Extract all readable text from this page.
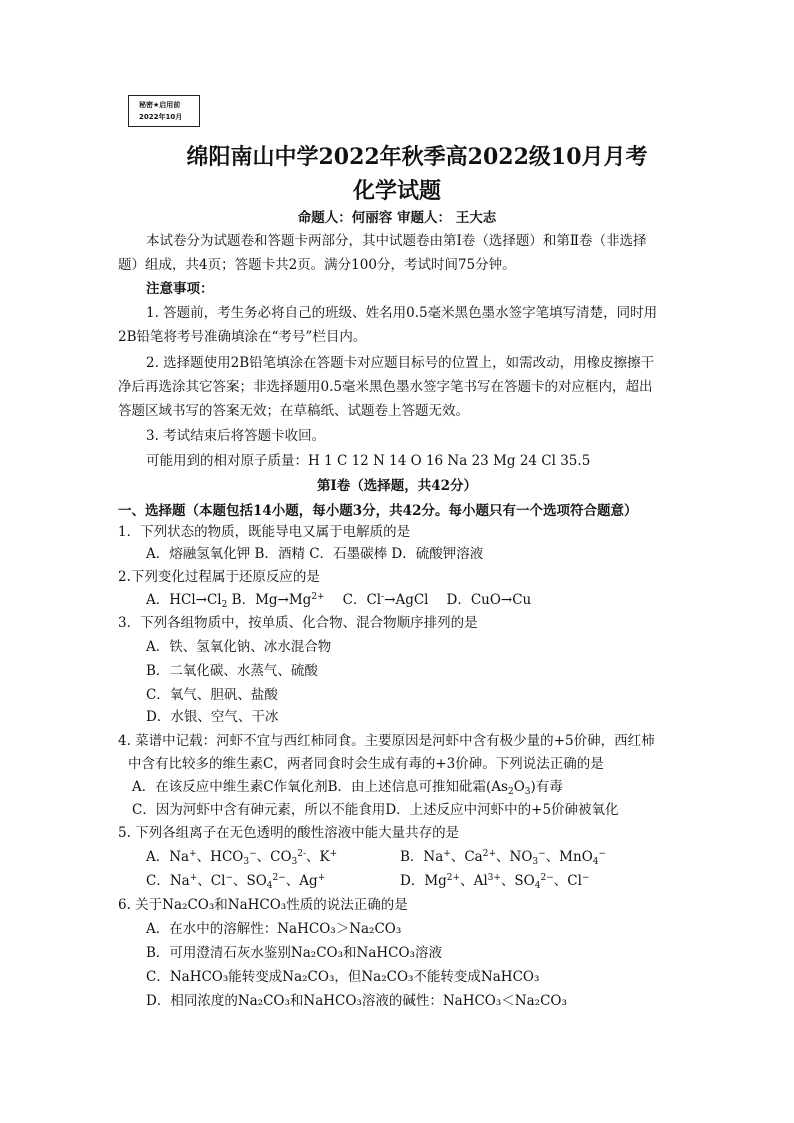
秘密★启用前
2022年10月
绵阳南山中学2022年秋季高2022级10月月考
化学试题
命题人：何丽容 审题人： 王大志
本试卷分为试题卷和答题卡两部分，其中试题卷由第Ⅰ卷（选择题）和第Ⅱ卷（非选择
题）组成，共4页；答题卡共2页。满分100分，考试时间75分钟。
注意事项：
1. 答题前，考生务必将自己的班级、姓名用0.5毫米黑色墨水签字笔填写清楚，同时用
2B铅笔将考号准确填涂在“考号”栏目内。
2. 选择题使用2B铅笔填涂在答题卡对应题目标号的位置上，如需改动，用橡皮擦擦干
净后再选涂其它答案；非选择题用0.5毫米黑色墨水签字笔书写在答题卡的对应框内，超出
答题区域书写的答案无效；在草稿纸、试题卷上答题无效。
3. 考试结束后将答题卡收回。
可能用到的相对原子质量：H 1 C 12 N 14 O 16 Na 23 Mg 24 Cl 35.5
第Ⅰ卷（选择题，共42分）
一、选择题（本题包括14小题，每小题3分，共42分。每小题只有一个选项符合题意）
1．下列状态的物质，既能导电又属于电解质的是
A．熔融氢氧化钾 B．酒精 C．石墨碳棒 D．硫酸钾溶液
2.下列变化过程属于还原反应的是
A．$HCl\to Cl_2$ B．$Mg\to Mg^{2+}$ C．Cl-→AgCl D．CuO→Cu
3．下列各组物质中，按单质、化合物、混合物顺序排列的是
A．铁、氢氧化钠、冰水混合物
B．二氧化碳、水蒸气、硫酸
C．氧气、胆矾、盐酸
D．水银、空气、干冰
4. 菜谱中记载：河虾不宜与西红柿同食。主要原因是河虾中含有极少量的+5价砷，西红柿
中含有比较多的维生素C，两者同食时会生成有毒的+3价砷。下列说法正确的是
A．在该反应中维生素C作氧化剂B．由上述信息可推知砒霜$(As_2O_3)$有毒
C．因为河虾中含有砷元素，所以不能食用D．上述反应中河虾中的+5价砷被氧化
5. 下列各组离子在无色透明的酸性溶液中能大量共存的是
A．Na+、$HCO_3^-$、$CO_3^{2-}$、K+	B．Na+、$Ca^{2+}$、$NO_3^-$、MnO$_4$−
C．Na+、Cl−、$SO_4^{2-}$、Ag+	D．$Mg^{2+}$、$Al^{3+}$、$SO_4^{2-}$、Cl−
6. 关于Na₂CO₃和NaHCO₃性质的说法正确的是
A．在水中的溶解性：NaHCO₃＞Na₂CO₃
B．可用澄清石灰水鉴别Na₂CO₃和NaHCO₃溶液
C．NaHCO₃能转变成Na₂CO₃，但Na₂CO₃不能转变成NaHCO₃
D．相同浓度的Na₂CO₃和NaHCO₃溶液的碱性：NaHCO₃＜Na₂CO₃
